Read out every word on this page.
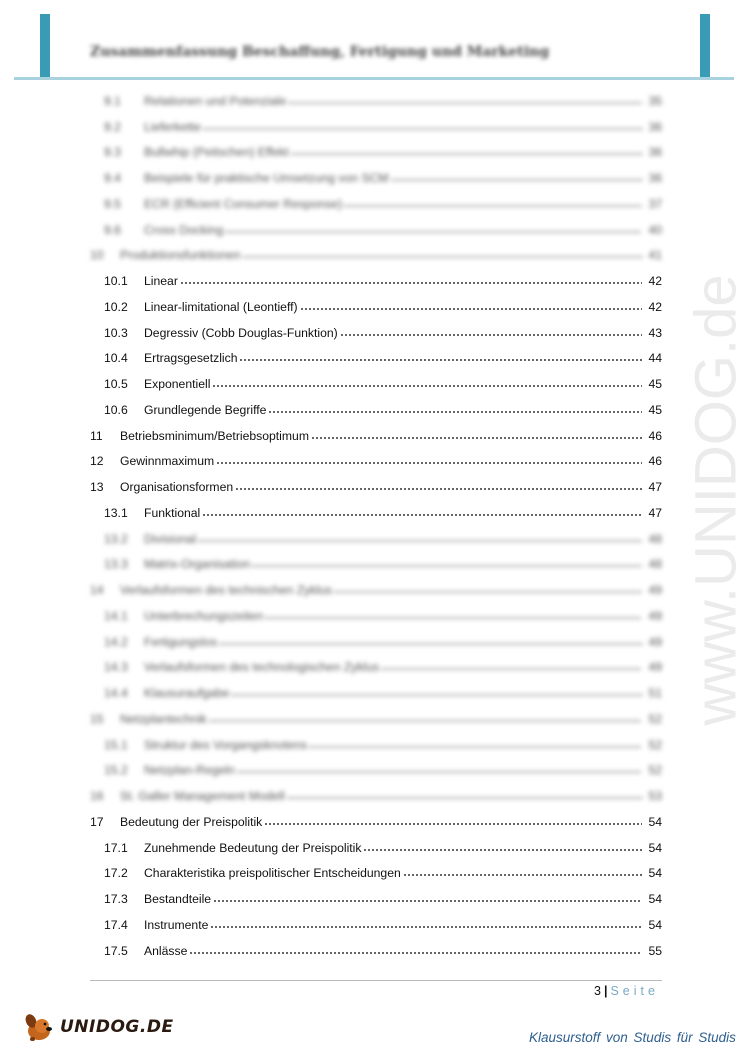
Zusammenfassung Beschaffung, Fertigung und Marketing
www.UNIDOG.de
9.1	Relationen und Potenziale	35
9.2	Lieferkette	36
9.3	Bullwhip (Peitschen) Effekt	36
9.4	Beispiele für praktische Umsetzung von SCM	36
9.5	ECR (Efficient Consumer Response)	37
9.6	Cross Docking	40
10	Produktionsfunktionen	41
10.1	Linear	42
10.2	Linear-limitational (Leontieff)	42
10.3	Degressiv (Cobb Douglas-Funktion)	43
10.4	Ertragsgesetzlich	44
10.5	Exponentiell	45
10.6	Grundlegende Begriffe	45
11	Betriebsminimum/Betriebsoptimum	46
12	Gewinnmaximum	46
13	Organisationsformen	47
13.1	Funktional	47
13.2	Divisional	48
13.3	Matrix-Organisation	48
14	Verlaufsformen des technischen Zyklus	49
14.1	Unterbrechungszeiten	49
14.2	Fertigungslos	49
14.3	Verlaufsformen des technologischen Zyklus	49
14.4	Klausuraufgabe	51
15	Netzplantechnik	52
15.1	Struktur des Vorgangsknotens	52
15.2	Netzplan-Regeln	52
16	St. Galler Management Modell	53
17	Bedeutung der Preispolitik	54
17.1	Zunehmende Bedeutung der Preispolitik	54
17.2	Charakteristika preispolitischer Entscheidungen	54
17.3	Bestandteile	54
17.4	Instrumente	54
17.5	Anlässe	55
3 | Seite
UNIDOG.DE
Klausurstoff von Studis für Studis
